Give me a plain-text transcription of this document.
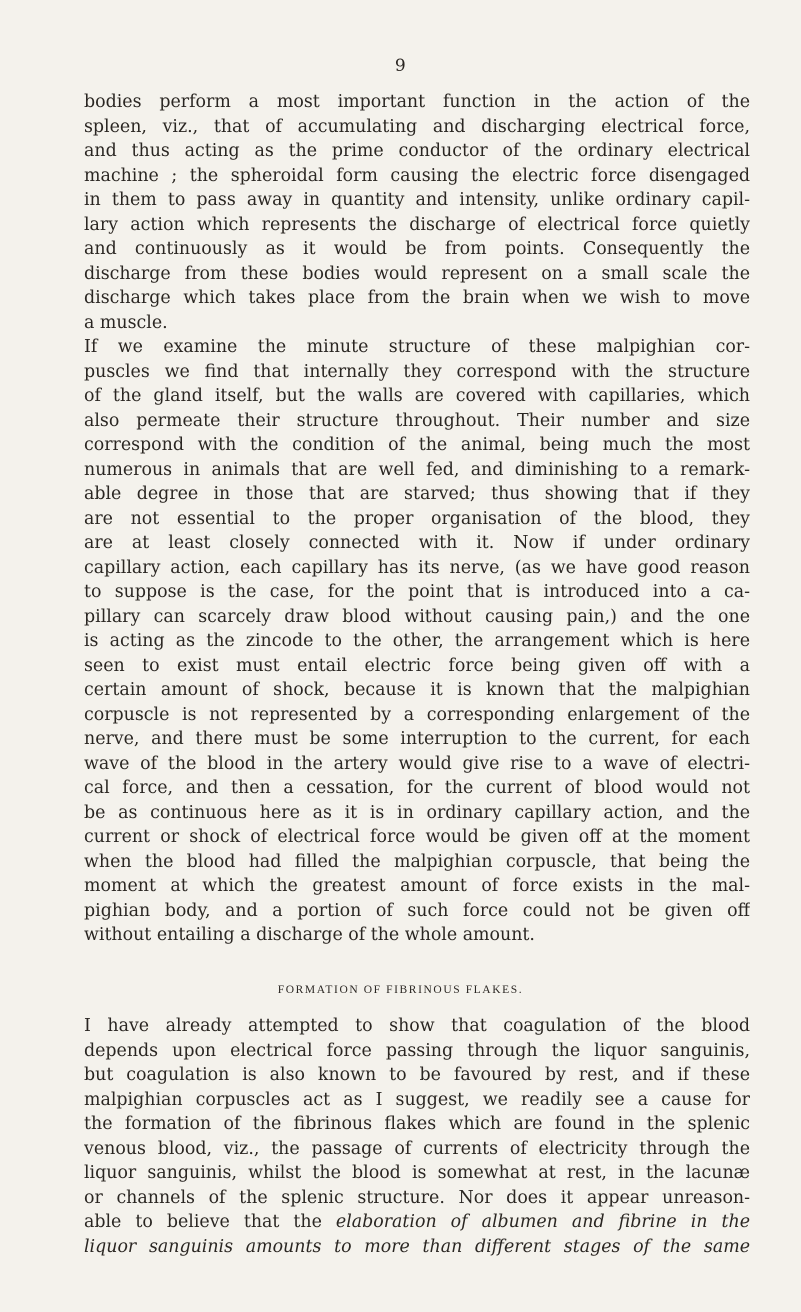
9
bodies perform a most important function in the action of the
spleen, viz., that of accumulating and discharging electrical force,
and thus acting as the prime conductor of the ordinary electrical
machine ; the spheroidal form causing the electric force disengaged
in them to pass away in quantity and intensity, unlike ordinary capil-
lary action which represents the discharge of electrical force quietly
and continuously as it would be from points. Consequently the
discharge from these bodies would represent on a small scale the
discharge which takes place from the brain when we wish to move
a muscle.
If we examine the minute structure of these malpighian cor-
puscles we find that internally they correspond with the structure
of the gland itself, but the walls are covered with capillaries, which
also permeate their structure throughout. Their number and size
correspond with the condition of the animal, being much the most
numerous in animals that are well fed, and diminishing to a remark-
able degree in those that are starved; thus showing that if they
are not essential to the proper organisation of the blood, they
are at least closely connected with it. Now if under ordinary
capillary action, each capillary has its nerve, (as we have good reason
to suppose is the case, for the point that is introduced into a ca-
pillary can scarcely draw blood without causing pain,) and the one
is acting as the zincode to the other, the arrangement which is here
seen to exist must entail electric force being given off with a
certain amount of shock, because it is known that the malpighian
corpuscle is not represented by a corresponding enlargement of the
nerve, and there must be some interruption to the current, for each
wave of the blood in the artery would give rise to a wave of electri-
cal force, and then a cessation, for the current of blood would not
be as continuous here as it is in ordinary capillary action, and the
current or shock of electrical force would be given off at the moment
when the blood had filled the malpighian corpuscle, that being the
moment at which the greatest amount of force exists in the mal-
pighian body, and a portion of such force could not be given off
without entailing a discharge of the whole amount.
FORMATION OF FIBRINOUS FLAKES.
I have already attempted to show that coagulation of the blood
depends upon electrical force passing through the liquor sanguinis,
but coagulation is also known to be favoured by rest, and if these
malpighian corpuscles act as I suggest, we readily see a cause for
the formation of the fibrinous flakes which are found in the splenic
venous blood, viz., the passage of currents of electricity through the
liquor sanguinis, whilst the blood is somewhat at rest, in the lacunæ
or channels of the splenic structure. Nor does it appear unreason-
able to believe that the elaboration of albumen and fibrine in the
liquor sanguinis amounts to more than different stages of the same
